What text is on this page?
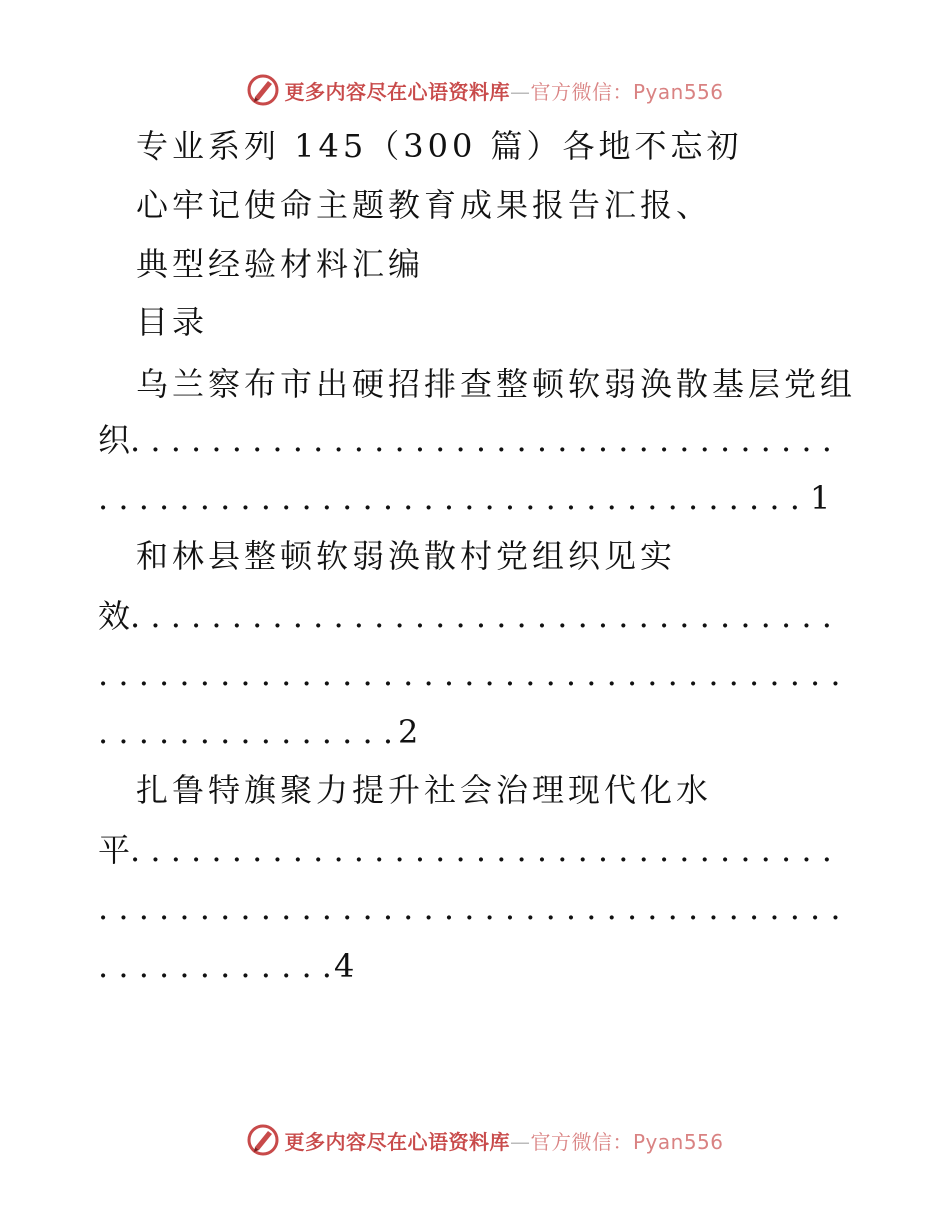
更多内容尽在心语资料库—官方微信：Pyan556
专业系列 145（300 篇）各地不忘初
心牢记使命主题教育成果报告汇报、
典型经验材料汇编
目录
乌兰察布市出硬招排查整顿软弱涣散基层党组
织
. . .
. . .1
和林县整顿软弱涣散村党组织见实
效
. . .
. . .
. . .2
扎鲁特旗聚力提升社会治理现代化水
平
. . .
. . .
. . .4
更多内容尽在心语资料库—官方微信：Pyan556
